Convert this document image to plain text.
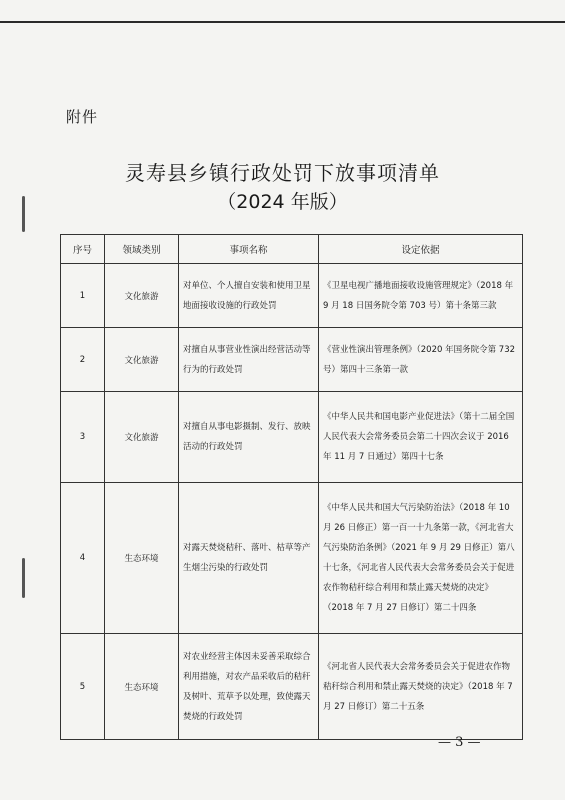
附件
灵寿县乡镇行政处罚下放事项清单
（2024 年版）
序号	领域类别	事项名称	设定依据
1	文化旅游	对单位、个人擅自安装和使用卫星地面接收设施的行政处罚	《卫星电视广播地面接收设施管理规定》（2018 年 9 月 18 日国务院令第 703 号）第十条第三款
2	文化旅游	对擅自从事营业性演出经营活动等行为的行政处罚	《营业性演出管理条例》（2020 年国务院令第 732 号）第四十三条第一款
3	文化旅游	对擅自从事电影摄制、发行、放映活动的行政处罚	《中华人民共和国电影产业促进法》（第十二届全国人民代表大会常务委员会第二十四次会议于 2016 年 11 月 7 日通过）第四十七条
4	生态环境	对露天焚烧秸秆、落叶、枯草等产生烟尘污染的行政处罚	《中华人民共和国大气污染防治法》（2018 年 10 月 26 日修正）第一百一十九条第一款，《河北省大气污染防治条例》（2021 年 9 月 29 日修正）第八十七条，《河北省人民代表大会常务委员会关于促进农作物秸秆综合利用和禁止露天焚烧的决定》（2018 年 7 月 27 日修订）第二十四条
5	生态环境	对农业经营主体因未妥善采取综合利用措施，对农产品采收后的秸秆及树叶、荒草予以处理，致使露天焚烧的行政处罚	《河北省人民代表大会常务委员会关于促进农作物秸秆综合利用和禁止露天焚烧的决定》（2018 年 7 月 27 日修订）第二十五条
— 3 —
